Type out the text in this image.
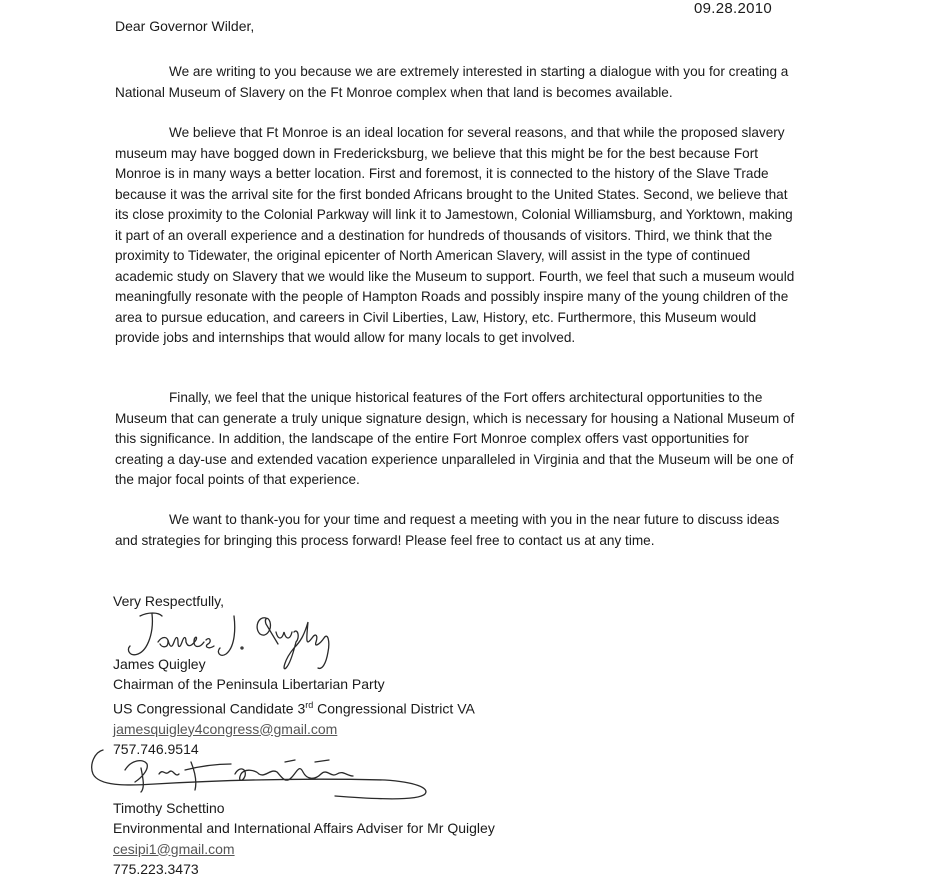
09.28.2010
Dear Governor Wilder,

We are writing to you because we are extremely interested in starting a dialogue with you for creating a National Museum of Slavery on the Ft Monroe complex when that land is becomes available.

We believe that Ft Monroe is an ideal location for several reasons, and that while the proposed slavery museum may have bogged down in Fredericksburg, we believe that this might be for the best because Fort Monroe is in many ways a better location. First and foremost, it is connected to the history of the Slave Trade because it was the arrival site for the first bonded Africans brought to the United States. Second, we believe that its close proximity to the Colonial Parkway will link it to Jamestown, Colonial Williamsburg, and Yorktown, making it part of an overall experience and a destination for hundreds of thousands of visitors. Third, we think that the proximity to Tidewater, the original epicenter of North American Slavery, will assist in the type of continued academic study on Slavery that we would like the Museum to support. Fourth, we feel that such a museum would meaningfully resonate with the people of Hampton Roads and possibly inspire many of the young children of the area to pursue education, and careers in Civil Liberties, Law, History, etc. Furthermore, this Museum would provide jobs and internships that would allow for many locals to get involved.

Finally, we feel that the unique historical features of the Fort offers architectural opportunities to the Museum that can generate a truly unique signature design, which is necessary for housing a National Museum of this significance. In addition, the landscape of the entire Fort Monroe complex offers vast opportunities for creating a day-use and extended vacation experience unparalleled in Virginia and that the Museum will be one of the major focal points of that experience.

We want to thank-you for your time and request a meeting with you in the near future to discuss ideas and strategies for bringing this process forward! Please feel free to contact us at any time.

Very Respectfully,
James Quigley
Chairman of the Peninsula Libertarian Party
US Congressional Candidate 3rd Congressional District VA
jamesquigley4congress@gmail.com
757.746.9514
Timothy Schettino
Environmental and International Affairs Adviser for Mr Quigley
cesipi1@gmail.com
775.223.3473
